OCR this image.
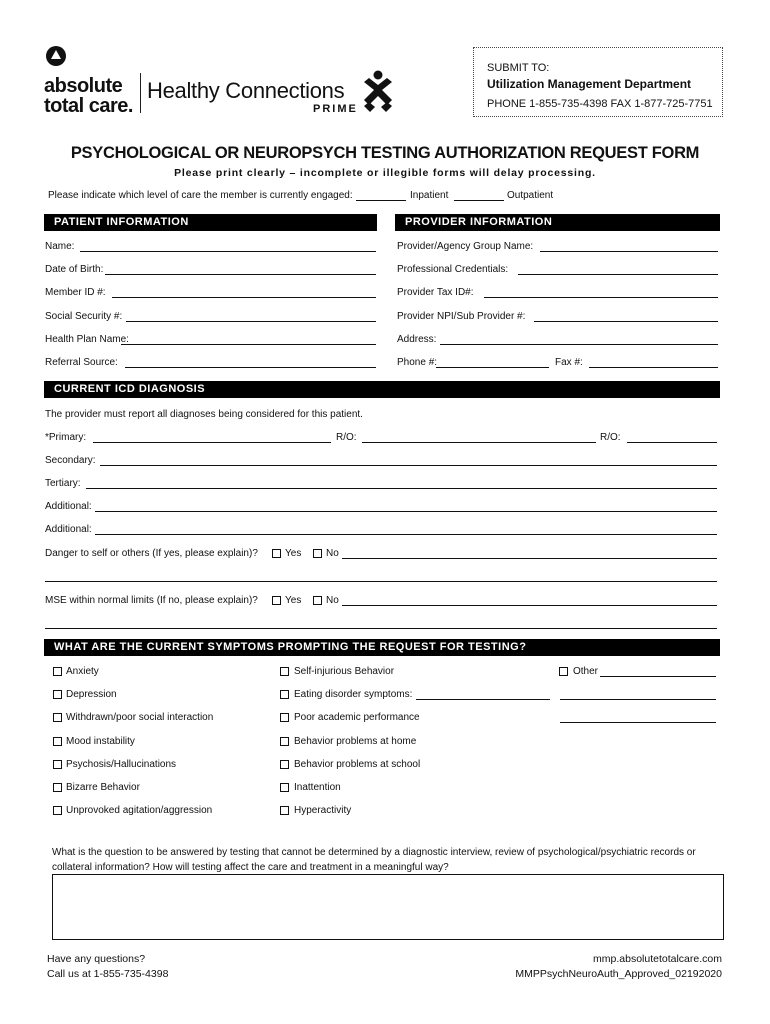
absolute
total care.
Healthy Connections
PRIME
SUBMIT TO:
Utilization Management Department
PHONE 1-855-735-4398 FAX 1-877-725-7751
PSYCHOLOGICAL OR NEUROPSYCH TESTING AUTHORIZATION REQUEST FORM
Please print clearly – incomplete or illegible forms will delay processing.
Please indicate which level of care the member is currently engaged:	Inpatient	Outpatient
PATIENT INFORMATION	PROVIDER INFORMATION
Name:
Date of Birth:
Member ID #:
Social Security #:
Health Plan Name:
Referral Source:
Provider/Agency Group Name:
Professional Credentials:
Provider Tax ID#:
Provider NPI/Sub Provider #:
Address:
Phone #:	Fax #:
CURRENT ICD DIAGNOSIS
The provider must report all diagnoses being considered for this patient.
*Primary:	R/O:	R/O:
Secondary:
Tertiary:
Additional:
Additional:
Danger to self or others (If yes, please explain)?	Yes No
MSE within normal limits (If no, please explain)?	Yes No
WHAT ARE THE CURRENT SYMPTOMS PROMPTING THE REQUEST FOR TESTING?
Anxiety
Depression
Withdrawn/poor social interaction
Mood instability
Psychosis/Hallucinations
Bizarre Behavior
Unprovoked agitation/aggression
Self-injurious Behavior
Eating disorder symptoms:
Poor academic performance
Behavior problems at home
Behavior problems at school
Inattention
Hyperactivity
Other
What is the question to be answered by testing that cannot be determined by a diagnostic interview, review of psychological/psychiatric records or collateral information? How will testing affect the care and treatment in a meaningful way?
Have any questions?
Call us at 1-855-735-4398
mmp.absolutetotalcare.com
MMPPsychNeuroAuth_Approved_02192020
